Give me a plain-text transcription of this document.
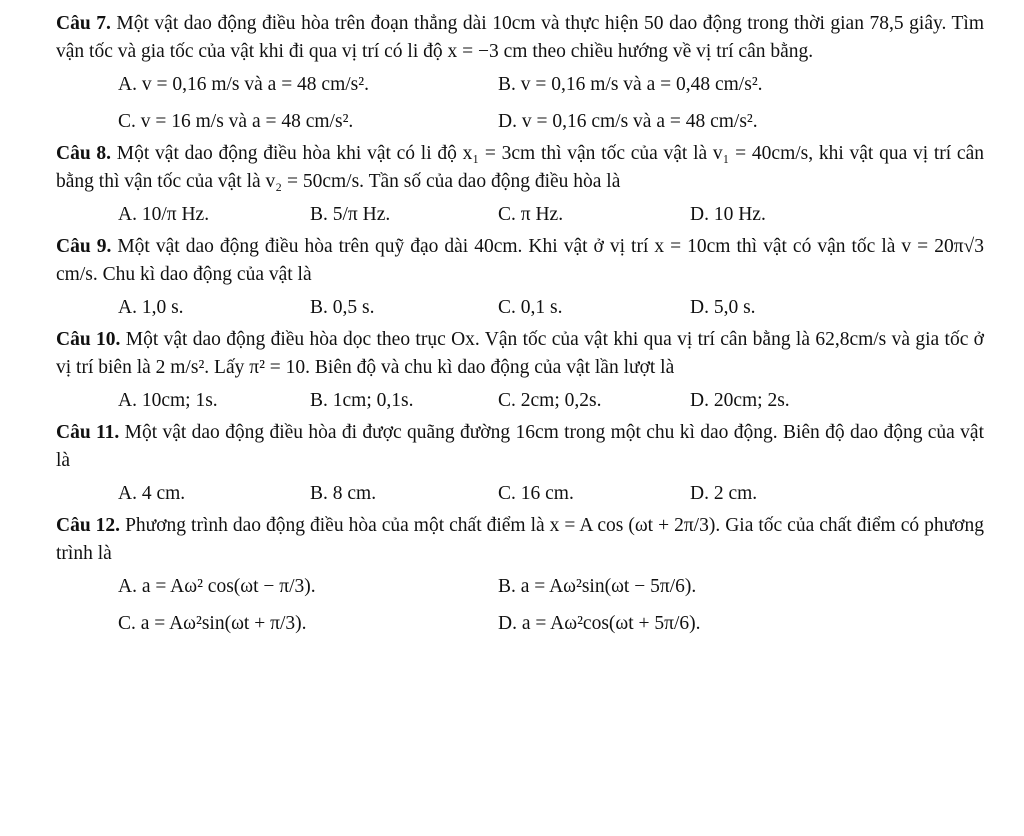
Câu 7. Một vật dao động điều hòa trên đoạn thẳng dài 10cm và thực hiện 50 dao động trong thời gian 78,5 giây. Tìm vận tốc và gia tốc của vật khi đi qua vị trí có li độ x = −3 cm theo chiều hướng về vị trí cân bằng.

A. v = 0,16 m/s và a = 48 cm/s².	B. v = 0,16 m/s và a = 0,48 cm/s².
C. v = 16 m/s và a = 48 cm/s².	D. v = 0,16 cm/s và a = 48 cm/s².

Câu 8. Một vật dao động điều hòa khi vật có li độ x₁ = 3cm thì vận tốc của vật là v₁ = 40cm/s, khi vật qua vị trí cân bằng thì vận tốc của vật là v₂ = 50cm/s. Tần số của dao động điều hòa là

A. 10/π Hz.	B. 5/π Hz.	C. π Hz.	D. 10 Hz.

Câu 9. Một vật dao động điều hòa trên quỹ đạo dài 40cm. Khi vật ở vị trí x = 10cm thì vật có vận tốc là v = 20π√3 cm/s. Chu kì dao động của vật là

A. 1,0 s.	B. 0,5 s.	C. 0,1 s.	D. 5,0 s.

Câu 10. Một vật dao động điều hòa dọc theo trục Ox. Vận tốc của vật khi qua vị trí cân bằng là 62,8cm/s và gia tốc ở vị trí biên là 2 m/s². Lấy π² = 10. Biên độ và chu kì dao động của vật lần lượt là

A. 10cm; 1s.	B. 1cm; 0,1s.	C. 2cm; 0,2s.	D. 20cm; 2s.

Câu 11. Một vật dao động điều hòa đi được quãng đường 16cm trong một chu kì dao động. Biên độ dao động của vật là

A. 4 cm.	B. 8 cm.	C. 16 cm.	D. 2 cm.

Câu 12. Phương trình dao động điều hòa của một chất điểm là x = A cos (ωt + 2π/3). Gia tốc của chất điểm có phương trình là

A. a = Aω² cos(ωt − π/3).	B. a = Aω²sin(ωt − 5π/6).
C. a = Aω²sin(ωt + π/3).	D. a = Aω²cos(ωt + 5π/6).
